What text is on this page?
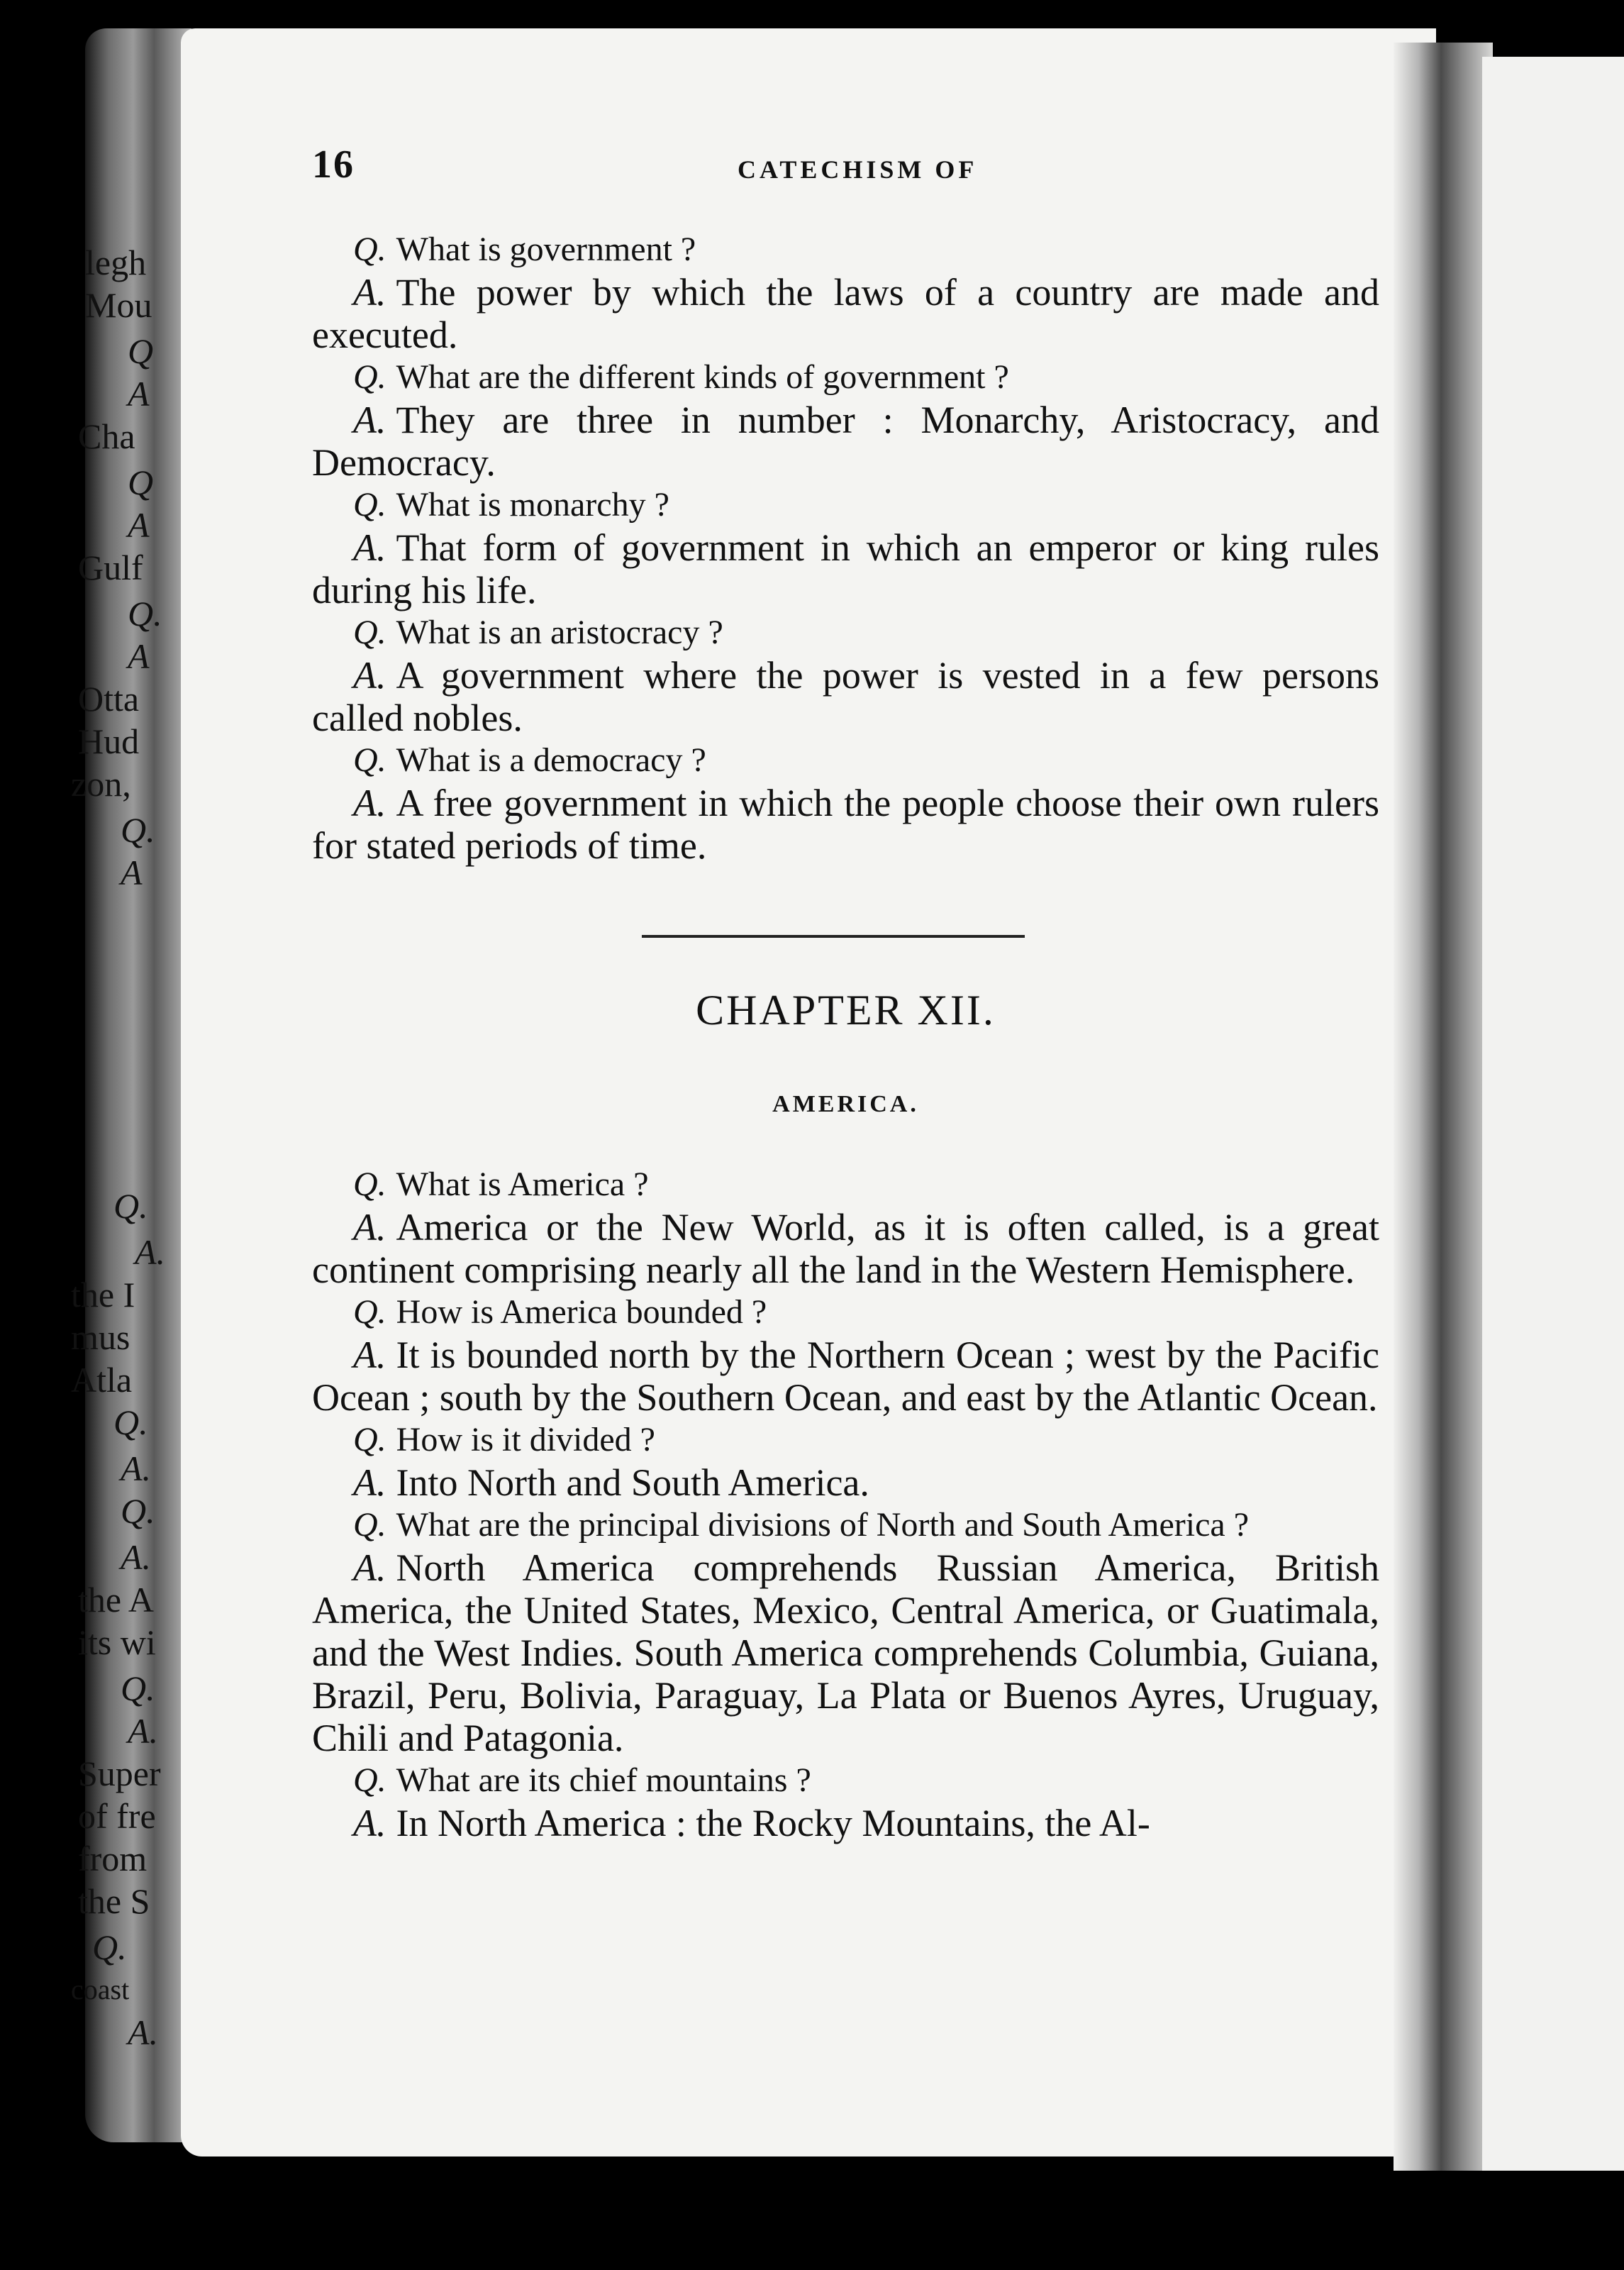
legh
Mou
Q
A
Cha
Q
A
Gulf
Q.
A
Otta
Hud
zon,
Q.
A
Q.
A.
the I
mus
Atla
Q.
A.
Q.
A.
the A
its wi
Q.
A.
Super
of fre
from
the S
Q.
coast
A.
16	CATECHISM OF

Q. What is government ?

A. The power by which the laws of a country are made and executed.

Q. What are the different kinds of government ?

A. They are three in number : Monarchy, Aristocracy, and Democracy.

Q. What is monarchy ?

A. That form of government in which an emperor or king rules during his life.

Q. What is an aristocracy ?

A. A government where the power is vested in a few persons called nobles.

Q. What is a democracy ?

A. A free government in which the people choose their own rulers for stated periods of time.

CHAPTER XII.
AMERICA.

Q. What is America ?

A. America or the New World, as it is often called, is a great continent comprising nearly all the land in the Western Hemisphere.

Q. How is America bounded ?

A. It is bounded north by the Northern Ocean ; west by the Pacific Ocean ; south by the Southern Ocean, and east by the Atlantic Ocean.

Q. How is it divided ?

A. Into North and South America.

Q. What are the principal divisions of North and South America ?

A. North America comprehends Russian America, British America, the United States, Mexico, Central America, or Guatimala, and the West Indies. South America comprehends Columbia, Guiana, Brazil, Peru, Bolivia, Paraguay, La Plata or Buenos Ayres, Uruguay, Chili and Patagonia.

Q. What are its chief mountains ?

A. In North America : the Rocky Mountains, the Al-
